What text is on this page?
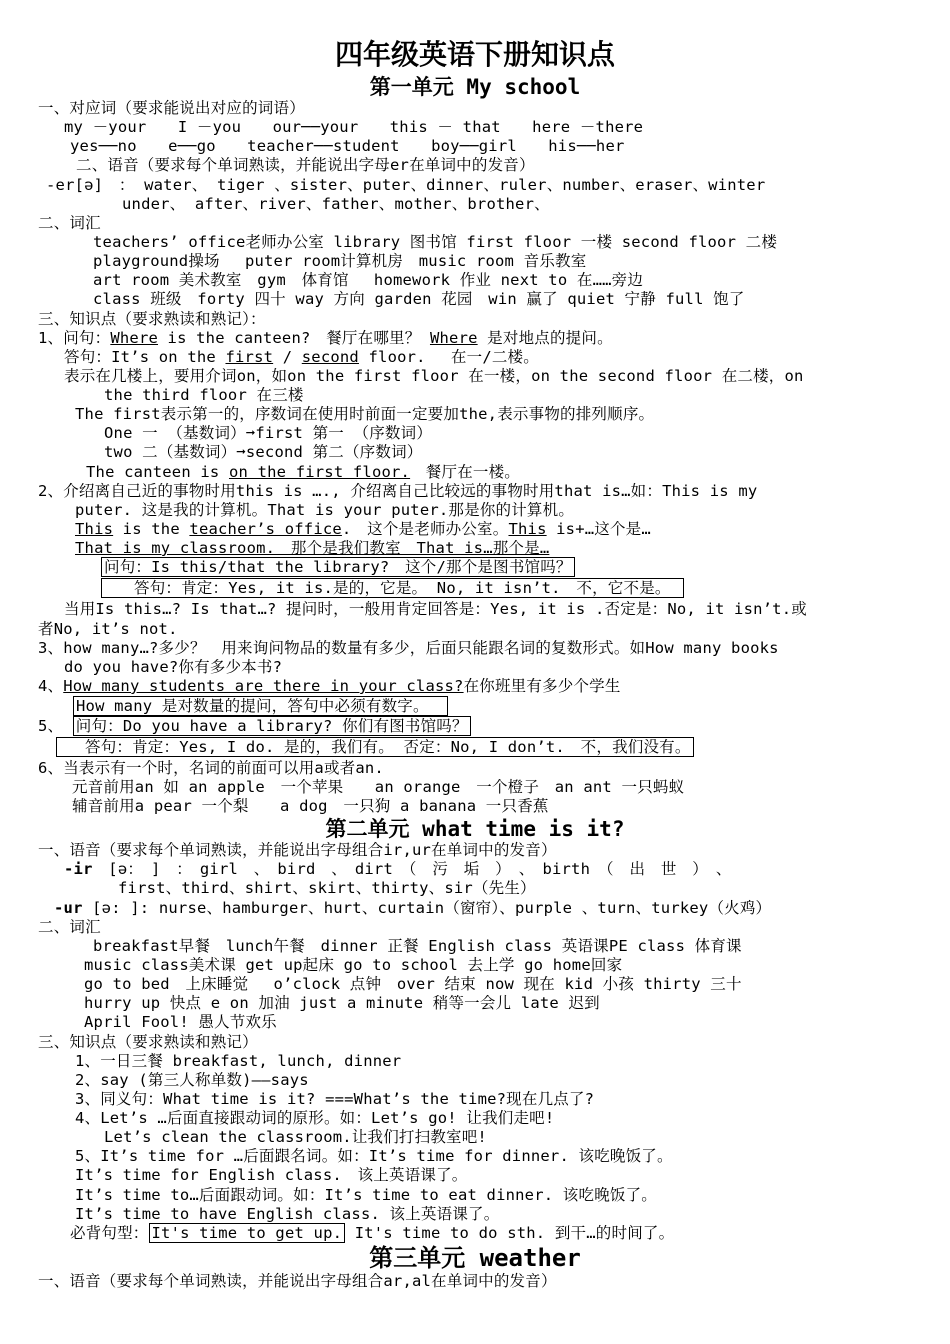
四年级英语下册知识点
第一单元 My school
一、对应词（要求能说出对应的词语）
my －your　　I －you　　our──your　　this － that　　here －there
yes──no　　e──go　　teacher──student　　boy──girl　　his──her
二、语音（要求每个单词熟读，并能说出字母er在单词中的发音）
-er[ə]　： water、 tiger 、sister、puter、dinner、ruler、number、eraser、winter
under、 after、river、father、mother、brother、
二、词汇
teachers’ office老师办公室 library 图书馆 first floor 一楼 second floor 二楼
playground操场　 puter room计算机房　music room 音乐教室
art room 美术教室　gym　体育馆　 homework 作业 next to 在……旁边
class 班级　forty 四十 way 方向 garden 花园　win 赢了 quiet 宁静 full 饱了
三、知识点（要求熟读和熟记）：
1、问句：Where is the canteen?　餐厅在哪里？ Where 是对地点的提问。
答句：It’s on the first / second floor.　 在一/二楼。
表示在几楼上，要用介词on，如on the first floor 在一楼，on the second floor 在二楼，on
the third floor 在三楼
The first表示第一的，序数词在使用时前面一定要加the,表示事物的排列顺序。
One 一 （基数词）➞first 第一 （序数词）
two 二（基数词）➞second 第二（序数词）
The canteen is on the first floor.　餐厅在一楼。
2、介绍离自己近的事物时用this is …., 介绍离自己比较远的事物时用that is…如：This is my
puter. 这是我的计算机。That is your puter.那是你的计算机。
This is the teacher’s office.　这个是老师办公室。This is+…这个是…
That is my classroom.　那个是我们教室　That is…那个是…
问句：Is this/that the library?　这个/那个是图书馆吗？
答句：肯定：Yes, it is.是的，它是。 No, it isn’t.　不，它不是。
当用Is this…? Is that…? 提问时，一般用肯定回答是：Yes, it is .否定是：No, it isn’t.或
者No, it’s not.
3、how many…?多少？　用来询问物品的数量有多少，后面只能跟名词的复数形式。如How many books
do you have?你有多少本书?
4、How many students are there in your class?在你班里有多少个学生
How many 是对数量的提问，答句中必须有数字。
5、 问句：Do you have a library? 你们有图书馆吗？
答句：肯定：Yes, I do. 是的，我们有。 否定：No, I don’t.　不，我们没有。
6、当表示有一个时，名词的前面可以用a或者an.
元音前用an 如 an apple　一个苹果　　an orange　一个橙子　an ant 一只蚂蚁
辅音前用a pear 一个梨　　a dog　一只狗 a banana 一只香蕉
第二单元 what time is it?
一、语音（要求每个单词熟读，并能说出字母组合ir,ur在单词中的发音）
-ir　[ə：　]　：　girl　、　bird　、　dirt　（　污　垢　）　、　birth　（　出　世　）　、
first、third、shirt、skirt、thirty、sir（先生）
-ur [ə: ]: nurse、hamburger、hurt、curtain（窗帘）、purple 、turn、turkey（火鸡）
二、词汇
breakfast早餐　lunch午餐　dinner 正餐 English class 英语课PE class 体育课
music class美术课 get up起床 go to school 去上学 go home回家
go to bed　上床睡觉　 o’clock 点钟　over 结束 now 现在 kid 小孩 thirty 三十
hurry up 快点 e on 加油 just a minute 稍等一会儿 late 迟到
April Fool! 愚人节欢乐
三、知识点（要求熟读和熟记）
1、一日三餐 breakfast, lunch, dinner
2、say (第三人称单数)——says
3、同义句：What time is it? ===What’s the time?现在几点了?
4、Let’s …后面直接跟动词的原形。如：Let’s go! 让我们走吧!
Let’s clean the classroom.让我们打扫教室吧!
5、It’s time for …后面跟名词。如：It’s time for dinner. 该吃晚饭了。
It’s time for English class.　该上英语课了。
It’s time to…后面跟动词。如：It’s time to eat dinner. 该吃晚饭了。
It’s time to have English class. 该上英语课了。
必背句型： It's time to get up. It's time to do sth. 到干…的时间了。
第三单元 weather
一、语音（要求每个单词熟读，并能说出字母组合ar,al在单词中的发音）
